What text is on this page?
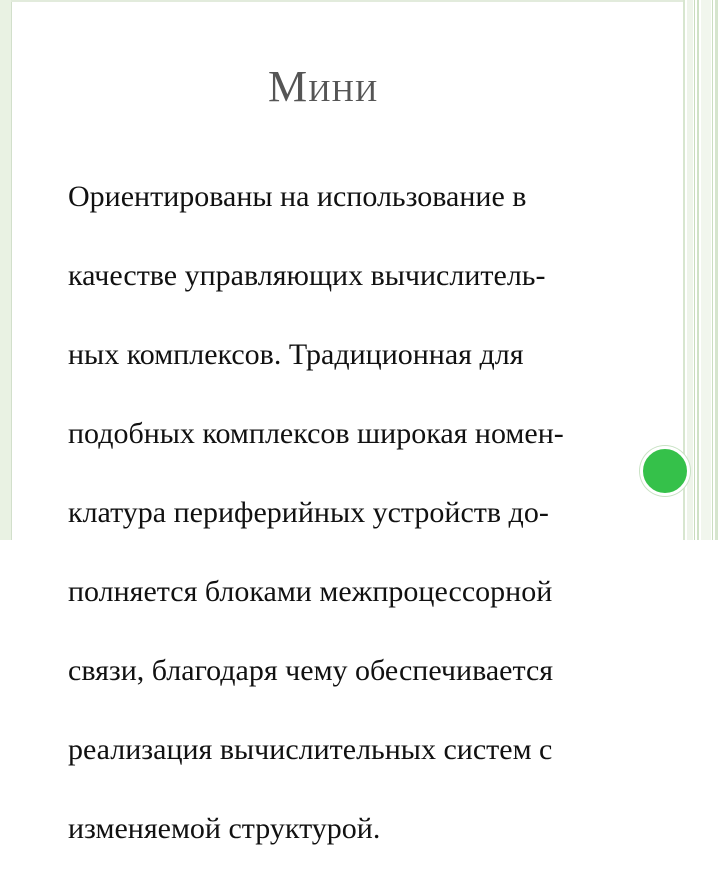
Мини

Ориентированы на использование в

качестве управляющих вычислитель-

ных комплексов. Традиционная для

подобных комплексов широкая номен-

клатура периферийных устройств до-

полняется блоками межпроцессорной

связи, благодаря чему обеспечивается

реализация вычислительных систем с

изменяемой структурой.
